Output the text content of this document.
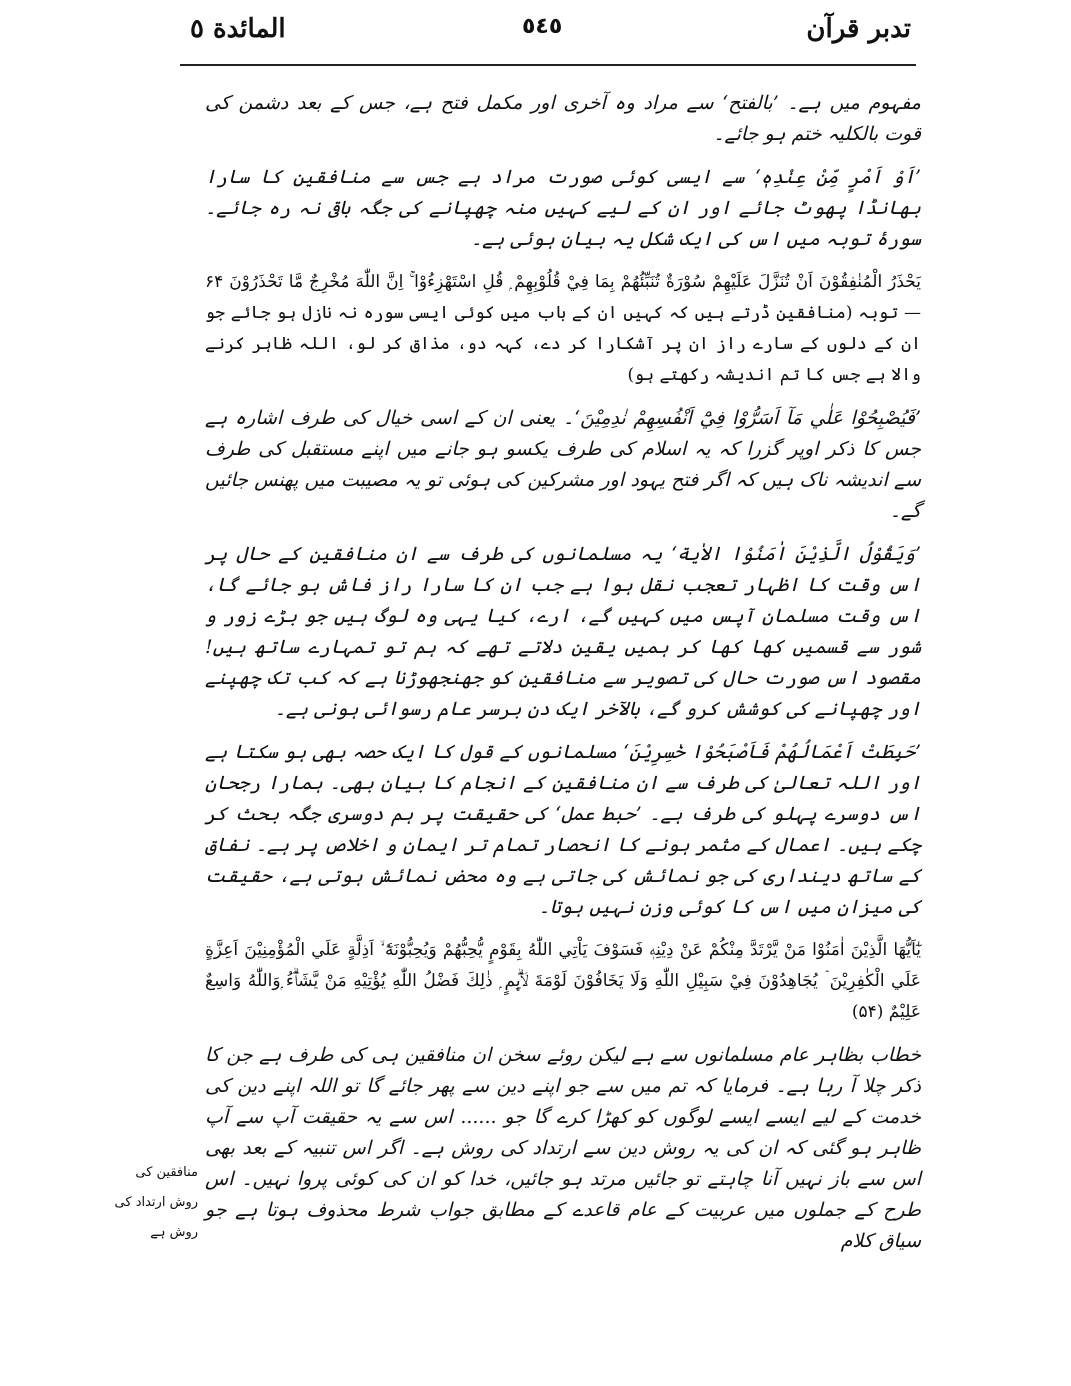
المائدة ٥	٥٤٥	تدبر قرآن

مفہوم میں ہے۔ ’بالفتح‘ سے مراد وہ آخری اور مکمل فتح ہے، جس کے بعد دشمن کی قوت بالکلیہ ختم ہو جائے۔

’اَوْ اَمْرٍ مِّنْ عِنْدِہٖ‘ سے ایسی کوئی صورت مراد ہے جس سے منافقین کا سارا بھانڈا پھوٹ جائے اور ان کے لیے کہیں منہ چھپانے کی جگہ باقی نہ رہ جائے۔ سورۂ توبہ میں اس کی ایک شکل یہ بیان ہوئی ہے۔

يَحْذَرُ الْمُنٰفِقُوْنَ اَنْ تُنَزَّلَ عَلَيْهِمْ سُوْرَةٌ تُنَبِّئُهُمْ بِمَا فِيْ قُلُوْبِهِمْ ۭ قُلِ اسْتَهْزِءُوْا ۚ اِنَّ اللّٰهَ مُخْرِجٌ مَّا تَحْذَرُوْنَ ۶۴ — توبہ (منافقین ڈرتے ہیں کہ کہیں ان کے باب میں کوئی ایسی سورہ نہ نازل ہو جائے جو ان کے دلوں کے سارے راز ان پر آشکارا کر دے، کہہ دو، مذاق کر لو، اللہ ظاہر کرنے والا ہے جس کا تم اندیشہ رکھتے ہو)

’فَيُصْبِحُوْا عَلٰي مَآ اَسَرُّوْا فِيْٓ اَنْفُسِهِمْ نٰدِمِيْنَ‘۔ یعنی ان کے اسی خیال کی طرف اشارہ ہے جس کا ذکر اوپر گزرا کہ یہ اسلام کی طرف یکسو ہو جانے میں اپنے مستقبل کی طرف سے اندیشہ ناک ہیں کہ اگر فتح یہود اور مشرکین کی ہوئی تو یہ مصیبت میں پھنس جائیں گے۔

’وَيَقُوْلُ الَّذِيْنَ اٰمَنُوْا الاٰية‘ یہ مسلمانوں کی طرف سے ان منافقین کے حال پر اس وقت کا اظہار تعجب نقل ہوا ہے جب ان کا سارا راز فاش ہو جائے گا، اس وقت مسلمان آپس میں کہیں گے، ارے، کیا یہی وہ لوگ ہیں جو بڑے زور و شور سے قسمیں کھا کھا کر ہمیں یقین دلاتے تھے کہ ہم تو تمہارے ساتھ ہیں! مقصود اس صورت حال کی تصویر سے منافقین کو جھنجھوڑنا ہے کہ کب تک چھپنے اور چھپانے کی کوشش کرو گے، بالآخر ایک دن برسر عام رسوائی ہونی ہے۔

’حَبِطَتْ اَعْمَالُهُمْ فَاَصْبَحُوْا خٰسِرِيْنَ‘ مسلمانوں کے قول کا ایک حصہ بھی ہو سکتا ہے اور اللہ تعالیٰ کی طرف سے ان منافقین کے انجام کا بیان بھی۔ ہمارا رجحان اس دوسرے پہلو کی طرف ہے۔ ’حبط عمل‘ کی حقیقت پر ہم دوسری جگہ بحث کر چکے ہیں۔ اعمال کے مثمر ہونے کا انحصار تمام تر ایمان و اخلاص پر ہے۔ نفاق کے ساتھ دینداری کی جو نمائش کی جاتی ہے وہ محض نمائش ہوتی ہے، حقیقت کی میزان میں اس کا کوئی وزن نہیں ہوتا۔

يٰٓاَيُّهَا الَّذِيْنَ اٰمَنُوْا مَنْ يَّرْتَدَّ مِنْكُمْ عَنْ دِيْنِهٖ فَسَوْفَ يَاْتِي اللّٰهُ بِقَوْمٍ يُّحِبُّهُمْ وَيُحِبُّوْنَهٗٓ ۙ اَذِلَّةٍ عَلَي الْمُؤْمِنِيْنَ اَعِزَّةٍ عَلَي الْكٰفِرِيْنَ ۡ يُجَاهِدُوْنَ فِيْ سَبِيْلِ اللّٰهِ وَلَا يَخَافُوْنَ لَوْمَةَ لَاۗىِٕمٍ ۭ ذٰلِكَ فَضْلُ اللّٰهِ يُؤْتِيْهِ مَنْ يَّشَاۗءُ ۭوَاللّٰهُ وَاسِعٌ عَلِيْمٌ (۵۴)

خطاب بظاہر عام مسلمانوں سے ہے لیکن روئے سخن ان منافقین ہی کی طرف ہے جن کا ذکر چلا آ رہا ہے۔ فرمایا کہ تم میں سے جو اپنے دین سے پھر جائے گا تو اللہ اپنے دین کی خدمت کے لیے ایسے ایسے لوگوں کو کھڑا کرے گا جو ...... اس سے یہ حقیقت آپ سے آپ ظاہر ہو گئی کہ ان کی یہ روش دین سے ارتداد کی روش ہے۔ اگر اس تنبیہ کے بعد بھی اس سے باز نہیں آنا چاہتے تو جائیں مرتد ہو جائیں، خدا کو ان کی کوئی پروا نہیں۔ اس طرح کے جملوں میں عربیت کے عام قاعدے کے مطابق جواب شرط محذوف ہوتا ہے جو سیاق کلام

منافقین کی روش ارتداد کی روش ہے
